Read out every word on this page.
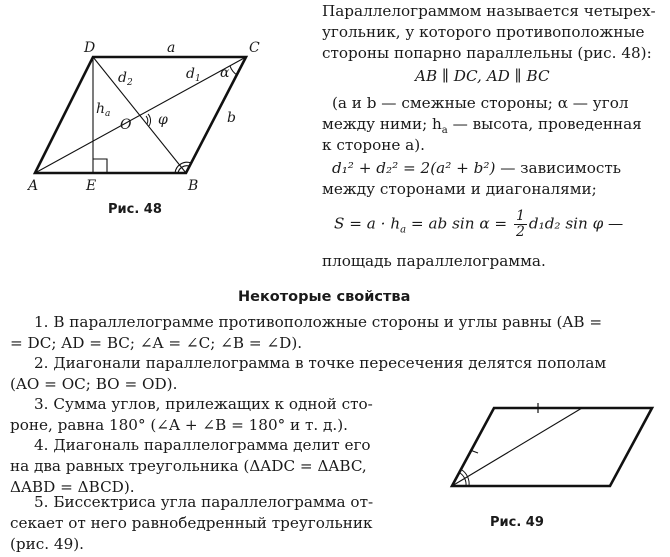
D	C
A	E	B
O
a
b
$d_1$
$d_2$
$h_a$
α
φ
Рис. 48
Параллелограммом называется четырех-
угольник, у которого противоположные
стороны попарно параллельны (рис. 48):
AB ∥ DC, AD ∥ BC
(a и b — смежные стороны; α — угол
между ними; $h_a$ — высота, проведенная
к стороне a).
d₁² + d₂² = 2(a² + b²) — зависимость
между сторонами и диагоналями;
$S = a \cdot h_a$ = ab $\sin \alpha = \frac{1}{2} d_1d_2$ sin φ —
площадь параллелограмма.
Некоторые свойства
1. В параллелограмме противоположные стороны и углы равны (AB =
= DC; AD = BC; ∠A = ∠C; ∠B = ∠D).
2. Диагонали параллелограмма в точке пересечения делятся пополам
(AO = OC; BO = OD).
3. Сумма углов, прилежащих к одной сто-
роне, равна 180° (∠A + ∠B = 180° и т. д.).
4. Диагональ параллелограмма делит его
на два равных треугольника (ΔADC = ΔABC,
ΔABD = ΔBCD).
5. Биссектриса угла параллелограмма от-
секает от него равнобедренный треугольник
(рис. 49).
Рис. 49
